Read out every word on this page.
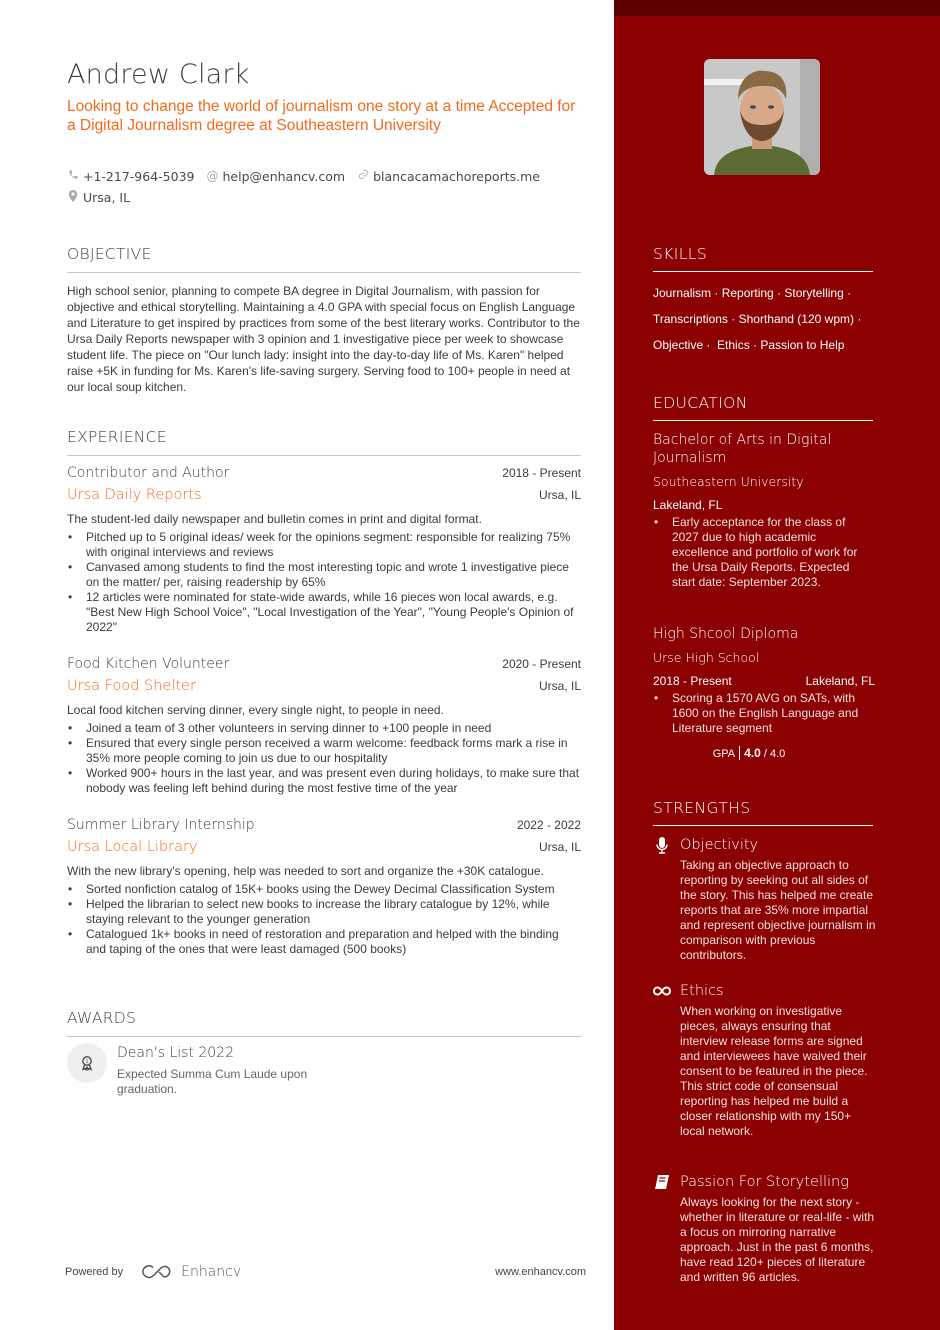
Andrew Clark
Looking to change the world of journalism one story at a time Accepted for a Digital Journalism degree at Southeastern University
+1-217-964-5039 @ help@enhancv.com blancacamachoreports.me
Ursa, IL
OBJECTIVE
High school senior, planning to compete BA degree in Digital Journalism, with passion for objective and ethical storytelling. Maintaining a 4.0 GPA with special focus on English Language and Literature to get inspired by practices from some of the best literary works. Contributor to the Ursa Daily Reports newspaper with 3 opinion and 1 investigative piece per week to showcase student life. The piece on "Our lunch lady: insight into the day-to-day life of Ms. Karen" helped raise +5K in funding for Ms. Karen's life-saving surgery. Serving food to 100+ people in need at our local soup kitchen.
EXPERIENCE
Contributor and Author	2018 - Present
Ursa Daily Reports	Ursa, IL
The student-led daily newspaper and bulletin comes in print and digital format.
• Pitched up to 5 original ideas/ week for the opinions segment: responsible for realizing 75% with original interviews and reviews
• Canvased among students to find the most interesting topic and wrote 1 investigative piece on the matter/ per, raising readership by 65%
• 12 articles were nominated for state-wide awards, while 16 pieces won local awards, e.g. "Best New High School Voice", "Local Investigation of the Year", "Young People's Opinion of 2022"
Food Kitchen Volunteer	2020 - Present
Ursa Food Shelter	Ursa, IL
Local food kitchen serving dinner, every single night, to people in need.
• Joined a team of 3 other volunteers in serving dinner to +100 people in need
• Ensured that every single person received a warm welcome: feedback forms mark a rise in 35% more people coming to join us due to our hospitality
• Worked 900+ hours in the last year, and was present even during holidays, to make sure that nobody was feeling left behind during the most festive time of the year
Summer Library Internship	2022 - 2022
Ursa Local Library	Ursa, IL
With the new library's opening, help was needed to sort and organize the +30K catalogue.
• Sorted nonfiction catalog of 15K+ books using the Dewey Decimal Classification System
• Helped the librarian to select new books to increase the library catalogue by 12%, while staying relevant to the younger generation
• Catalogued 1k+ books in need of restoration and preparation and helped with the binding and taping of the ones that were least damaged (500 books)
AWARDS
1
Dean's List 2022
Expected Summa Cum Laude upon graduation.
Powered by	Enhancv	www.enhancv.com
SKILLS
Journalism · Reporting · Storytelling ·
Transcriptions · Shorthand (120 wpm) ·
Objective ·  Ethics · Passion to Help
EDUCATION
Bachelor of Arts in Digital Journalism
Southeastern University
Lakeland, FL
• Early acceptance for the class of 2027 due to high academic excellence and portfolio of work for the Ursa Daily Reports. Expected start date: September 2023.
High Shcool Diploma
Urse High School
2018 - Present	Lakeland, FL
• Scoring a 1570 AVG on SATs, with 1600 on the English Language and Literature segment
GPA 4.0 / 4.0
STRENGTHS
Objectivity
Taking an objective approach to reporting by seeking out all sides of the story. This has helped me create reports that are 35% more impartial and represent objective journalism in comparison with previous contributors.
Ethics
When working on investigative pieces, always ensuring that interview release forms are signed and interviewees have waived their consent to be featured in the piece. This strict code of consensual reporting has helped me build a closer relationship with my 150+ local network.
Passion For Storytelling
Always looking for the next story - whether in literature or real-life - with a focus on mirroring narrative approach. Just in the past 6 months, have read 120+ pieces of literature and written 96 articles.
